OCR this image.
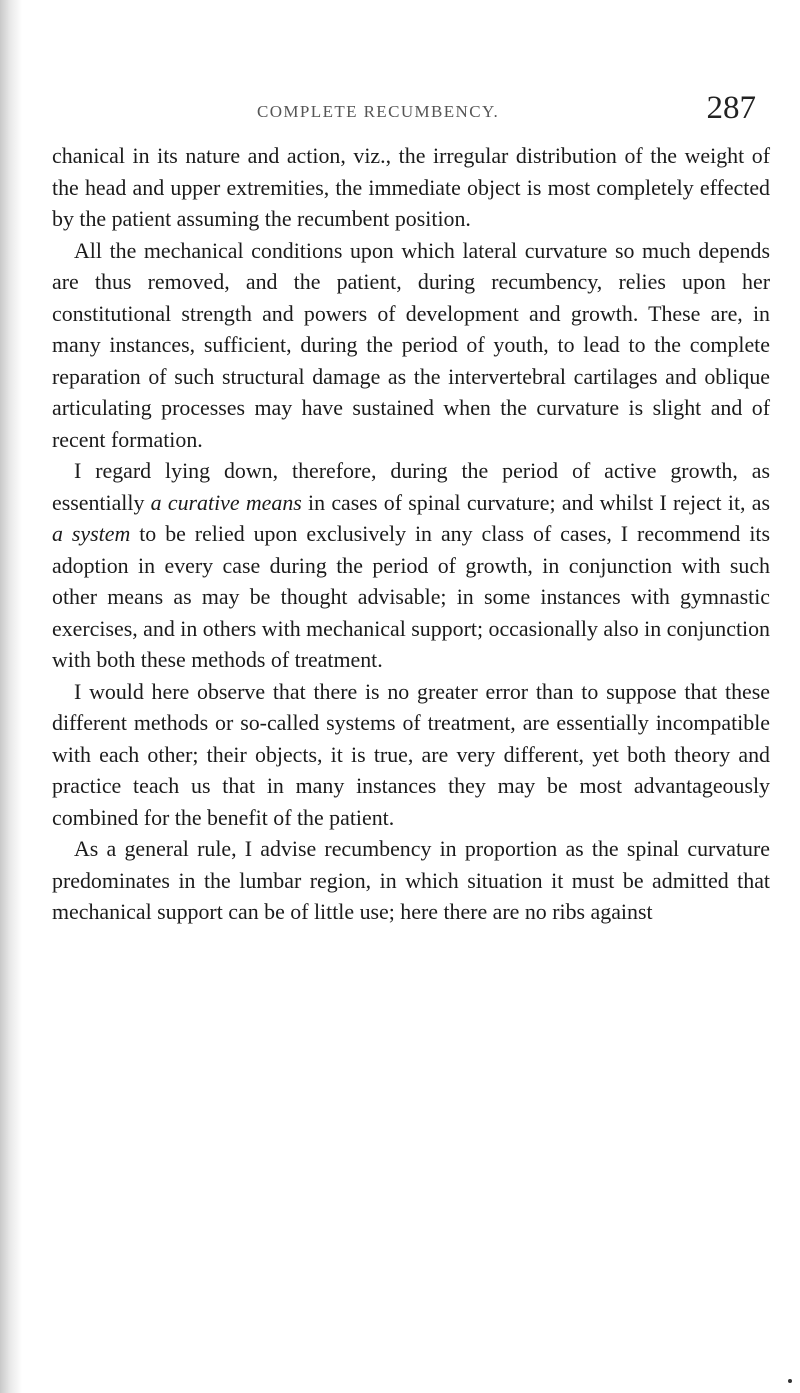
COMPLETE RECUMBENCY.	287

chanical in its nature and action, viz., the irregular distribution of the weight of the head and upper extremities, the immediate object is most completely effected by the patient assuming the recumbent position.

All the mechanical conditions upon which lateral curvature so much depends are thus removed, and the patient, during recumbency, relies upon her constitutional strength and powers of development and growth. These are, in many instances, sufficient, during the period of youth, to lead to the complete reparation of such structural damage as the intervertebral cartilages and oblique articulating processes may have sustained when the curvature is slight and of recent formation.

I regard lying down, therefore, during the period of active growth, as essentially a curative means in cases of spinal curvature; and whilst I reject it, as a system to be relied upon exclusively in any class of cases, I recommend its adoption in every case during the period of growth, in conjunction with such other means as may be thought advisable; in some instances with gymnastic exercises, and in others with mechanical support; occasionally also in conjunction with both these methods of treatment.

I would here observe that there is no greater error than to suppose that these different methods or so-called systems of treatment, are essentially incompatible with each other; their objects, it is true, are very different, yet both theory and practice teach us that in many instances they may be most advantageously combined for the benefit of the patient.

As a general rule, I advise recumbency in proportion as the spinal curvature predominates in the lumbar region, in which situation it must be admitted that mechanical support can be of little use; here there are no ribs against
